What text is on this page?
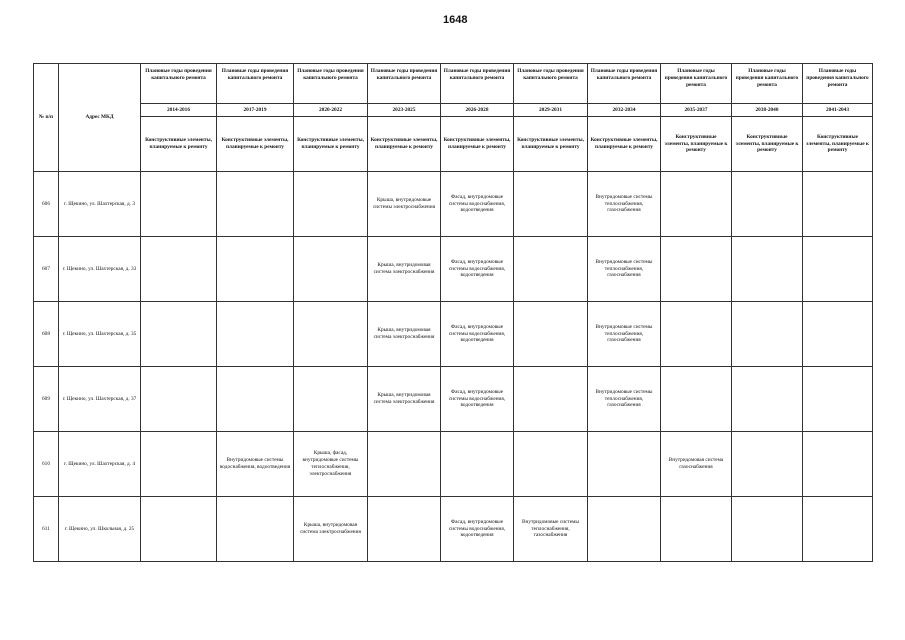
1648
№ п/п	Адрес МКД	Плановые годы проведения капитального ремонта	Плановые годы проведения капитального ремонта	Плановые годы проведения капитального ремонта	Плановые годы проведения капитального ремонта	Плановые годы проведения капитального ремонта	Плановые годы проведения капитального ремонта	Плановые годы проведения капитального ремонта	Плановые годы проведения капитального ремонта	Плановые годы проведения капитального ремонта	Плановые годы проведения капитального ремонта
		2014-2016	2017-2019	2020-2022	2023-2025	2026-2028	2029-2031	2032-2034	2035-2037	2038-2040	2041-2043
		Конструктивные элементы, планируемые к ремонту	Конструктивные элементы, планируемые к ремонту	Конструктивные элементы, планируемые к ремонту	Конструктивные элементы, планируемые к ремонту	Конструктивные элементы, планируемые к ремонту	Конструктивные элементы, планируемые к ремонту	Конструктивные элементы, планируемые к ремонту	Конструктивные элементы, планируемые к ремонту	Конструктивные элементы, планируемые к ремонту	Конструктивные элементы, планируемые к ремонту
606	г. Щекино, ул. Шахтерская, д. 3				Крыша, внутридомовые системы электроснабжения	Фасад, внутридомовые системы водоснабжения, водоотведения		Внутридомовые системы теплоснабжения, газоснабжения			
607	г. Щекино, ул. Шахтерская, д. 33				Крыша, внутридомовая система электроснабжения	Фасад, внутридомовые системы водоснабжения, водоотведения		Внутридомовые системы теплоснабжения, газоснабжения			
608	г. Щекино, ул. Шахтерская, д. 35				Крыша, внутридомовая система электроснабжения	Фасад, внутридомовые системы водоснабжения, водоотведения		Внутридомовые системы теплоснабжения, газоснабжения			
609	г. Щекино, ул. Шахтерская, д. 37				Крыша, внутридомовая система электроснабжения	Фасад, внутридомовые системы водоснабжения, водоотведения		Внутридомовые системы теплоснабжения, газоснабжения			
610	г. Щекино, ул. Шахтерская, д. 4		Внутридомовые системы водоснабжения, водоотведения	Крыша, фасад, внутридомовые системы теплоснабжения, электроснабжения					Внутридомовая система газоснабжения		
611	г. Щекино, ул. Школьная, д. 25			Крыша, внутридомовая система электроснабжения		Фасад, внутридомовые системы водоснабжения, водоотведения	Внутридомовые системы теплоснабжения, газоснабжения				
